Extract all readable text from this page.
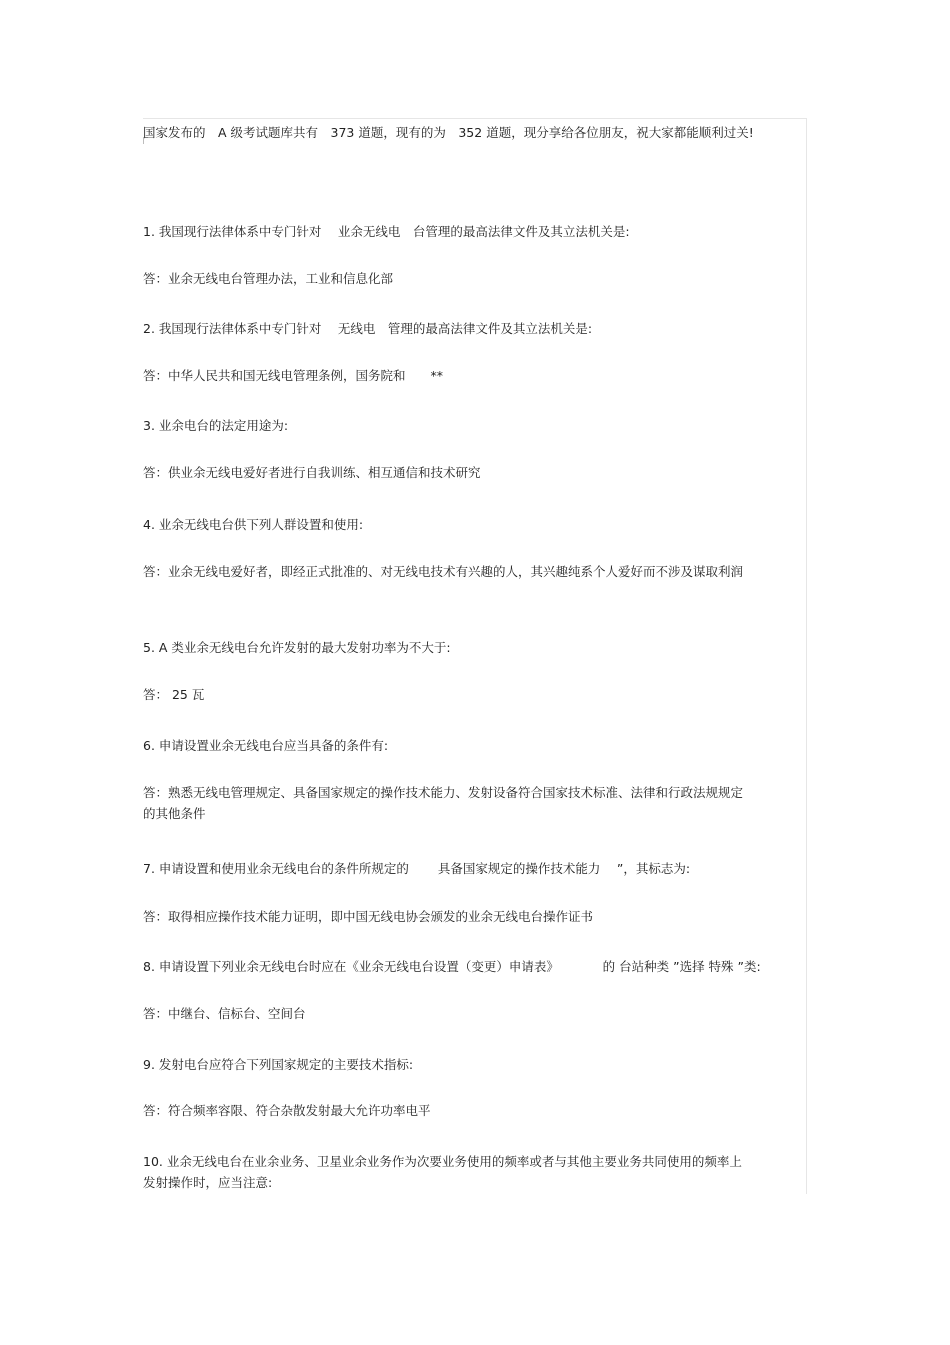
国家发布的　A 级考试题库共有　373 道题，现有的为　352 道题，现分享给各位朋友，祝大家都能顺利过关!

1. 我国现行法律体系中专门针对　 业余无线电　台管理的最高法律文件及其立法机关是:

答：业余无线电台管理办法，工业和信息化部

2. 我国现行法律体系中专门针对　 无线电　管理的最高法律文件及其立法机关是:

答：中华人民共和国无线电管理条例，国务院和　　**

3. 业余电台的法定用途为:

答：供业余无线电爱好者进行自我训练、相互通信和技术研究

4. 业余无线电台供下列人群设置和使用:

答：业余无线电爱好者，即经正式批准的、对无线电技术有兴趣的人，其兴趣纯系个人爱好而不涉及谋取利润

5. A 类业余无线电台允许发射的最大发射功率为不大于:

答： 25 瓦

6. 申请设置业余无线电台应当具备的条件有:

答：熟悉无线电管理规定、具备国家规定的操作技术能力、发射设备符合国家技术标准、法律和行政法规规定的其他条件

7. 申请设置和使用业余无线电台的条件所规定的　　 具备国家规定的操作技术能力　 ”，其标志为:

答：取得相应操作技术能力证明，即中国无线电协会颁发的业余无线电台操作证书

8. 申请设置下列业余无线电台时应在《业余无线电台设置（变更）申请表》　　　　的 台站种类 ”选择 特殊 ”类:

答：中继台、信标台、空间台

9. 发射电台应符合下列国家规定的主要技术指标:

答：符合频率容限、符合杂散发射最大允许功率电平

10. 业余无线电台在业余业务、卫星业余业务作为次要业务使用的频率或者与其他主要业务共同使用的频率上发射操作时，应当注意:
